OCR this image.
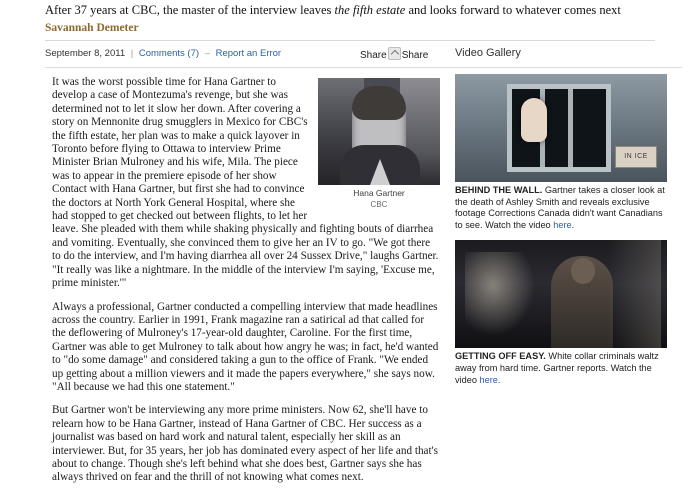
After 37 years at CBC, the master of the interview leaves the fifth estate and looks forward to whatever comes next
Savannah Demeter
September 8, 2011 | Comments (7) – Report an Error	Share Share Video Gallery
Hana Gartner
CBC

It was the worst possible time for Hana Gartner to develop a case of Montezuma's revenge, but she was determined not to let it slow her down. After covering a story on Mennonite drug smugglers in Mexico for CBC's the fifth estate, her plan was to make a quick layover in Toronto before flying to Ottawa to interview Prime Minister Brian Mulroney and his wife, Mila. The piece was to appear in the premiere episode of her show Contact with Hana Gartner, but first she had to convince the doctors at North York General Hospital, where she had stopped to get checked out between flights, to let her leave. She pleaded with them while shaking physically and fighting bouts of diarrhea and vomiting. Eventually, she convinced them to give her an IV to go. "We got there to do the interview, and I'm having diarrhea all over 24 Sussex Drive," laughs Gartner. "It really was like a nightmare. In the middle of the interview I'm saying, 'Excuse me, prime minister.'"

Always a professional, Gartner conducted a compelling interview that made headlines across the country. Earlier in 1991, Frank magazine ran a satirical ad that called for the deflowering of Mulroney's 17-year-old daughter, Caroline. For the first time, Gartner was able to get Mulroney to talk about how angry he was; in fact, he'd wanted to "do some damage" and considered taking a gun to the office of Frank. "We ended up getting about a million viewers and it made the papers everywhere," she says now. "All because we had this one statement."

But Gartner won't be interviewing any more prime ministers. Now 62, she'll have to relearn how to be Hana Gartner, instead of Hana Gartner of CBC. Her success as a journalist was based on hard work and natural talent, especially her skill as an interviewer. But, for 35 years, her job has dominated every aspect of her life and that's about to change. Though she's left behind what she does best, Gartner says she has always thrived on fear and the thrill of not knowing what comes next.

IN ICE
BEHIND THE WALL. Gartner takes a closer look at the death of Ashley Smith and reveals exclusive footage Corrections Canada didn't want Canadians to see. Watch the video here.
GETTING OFF EASY. White collar criminals waltz away from hard time. Gartner reports. Watch the video here.
